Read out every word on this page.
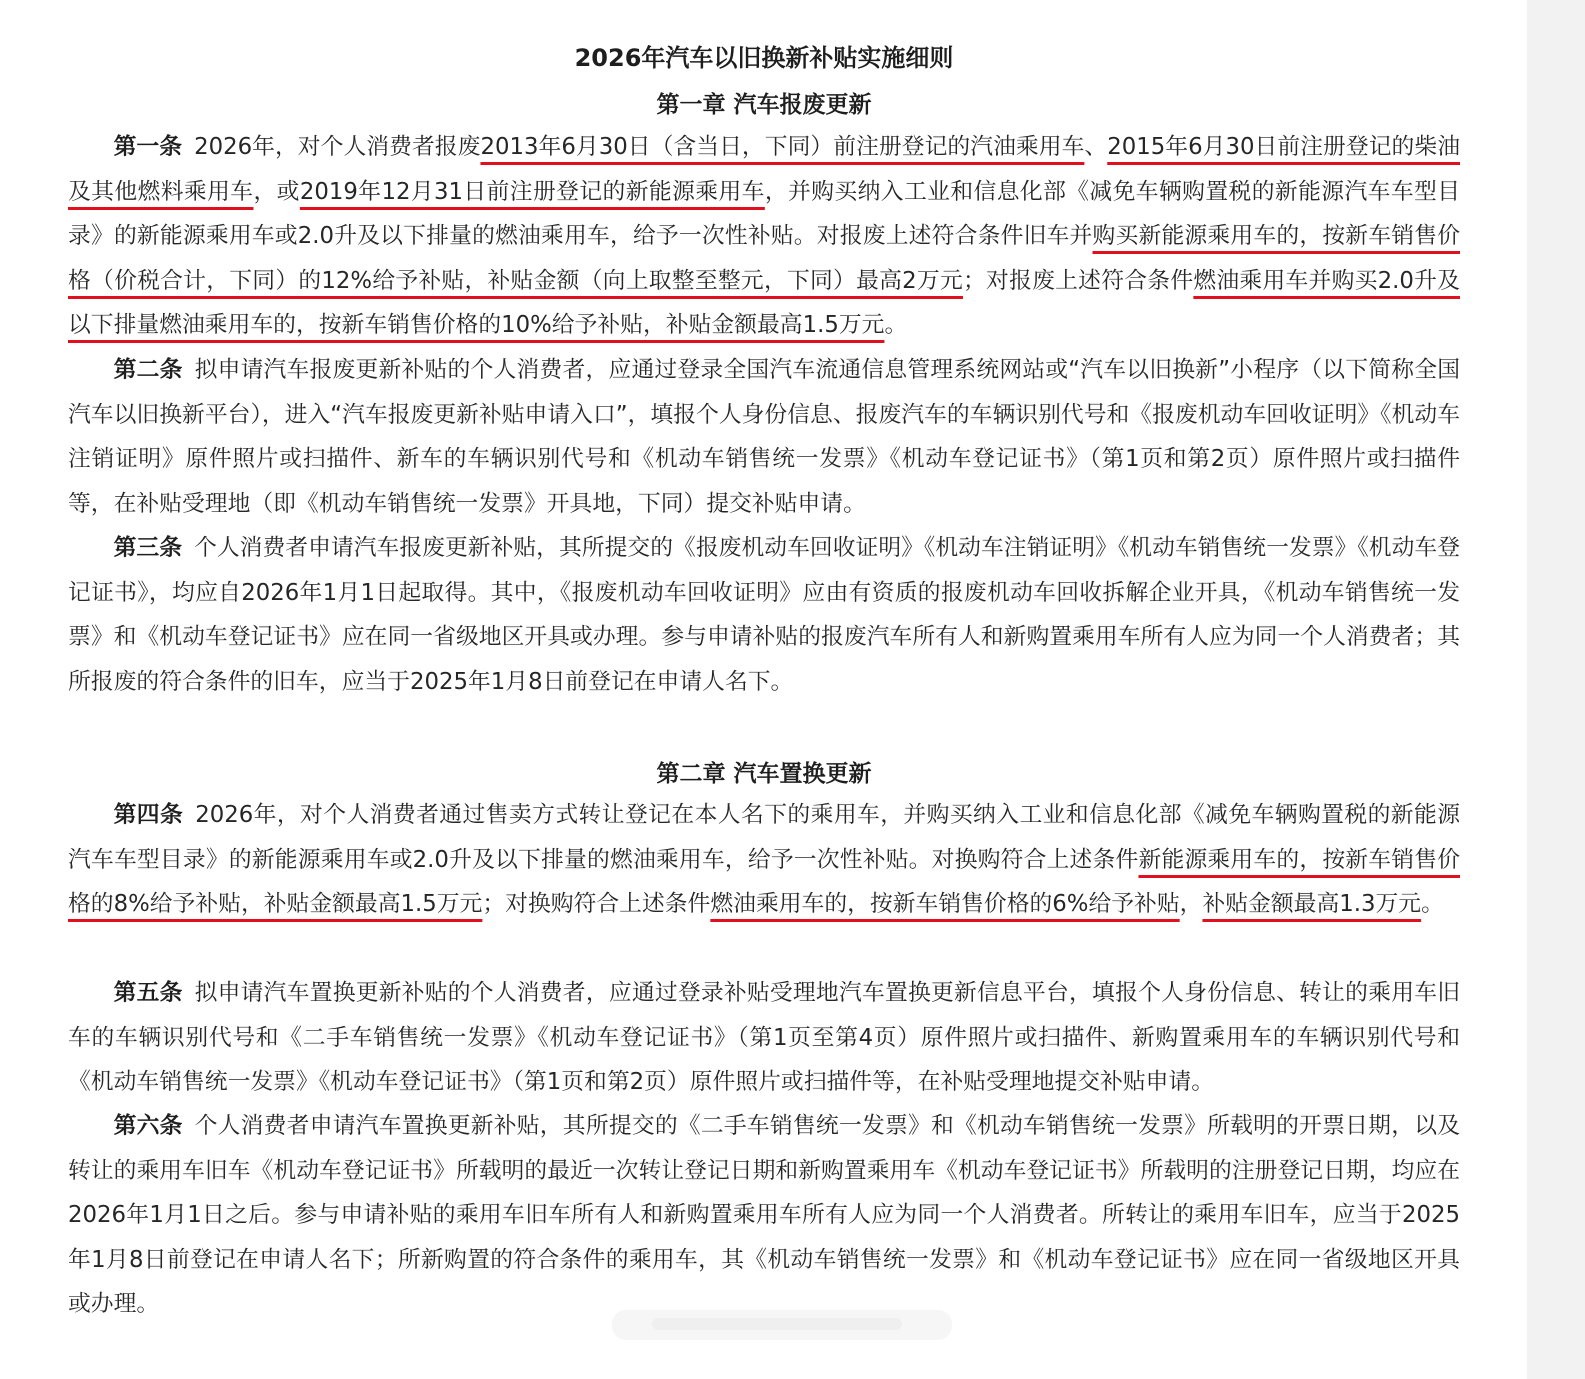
2026年汽车以旧换新补贴实施细则
第一章 汽车报废更新

第一条 2026年，对个人消费者报废2013年6月30日（含当日，下同）前注册登记的汽油乘用车、2015年6月30日前注册登记的柴油及其他燃料乘用车，或2019年12月31日前注册登记的新能源乘用车，并购买纳入工业和信息化部《减免车辆购置税的新能源汽车车型目录》的新能源乘用车或2.0升及以下排量的燃油乘用车，给予一次性补贴。对报废上述符合条件旧车并购买新能源乘用车的，按新车销售价格（价税合计，下同）的12%给予补贴，补贴金额（向上取整至整元，下同）最高2万元；对报废上述符合条件燃油乘用车并购买2.0升及以下排量燃油乘用车的，按新车销售价格的10%给予补贴，补贴金额最高1.5万元。

第二条 拟申请汽车报废更新补贴的个人消费者，应通过登录全国汽车流通信息管理系统网站或“汽车以旧换新”小程序（以下简称全国汽车以旧换新平台），进入“汽车报废更新补贴申请入口”，填报个人身份信息、报废汽车的车辆识别代号和《报废机动车回收证明》《机动车注销证明》原件照片或扫描件、新车的车辆识别代号和《机动车销售统一发票》《机动车登记证书》（第1页和第2页）原件照片或扫描件等，在补贴受理地（即《机动车销售统一发票》开具地，下同）提交补贴申请。

第三条 个人消费者申请汽车报废更新补贴，其所提交的《报废机动车回收证明》《机动车注销证明》《机动车销售统一发票》《机动车登记证书》，均应自2026年1月1日起取得。其中，《报废机动车回收证明》应由有资质的报废机动车回收拆解企业开具，《机动车销售统一发票》和《机动车登记证书》应在同一省级地区开具或办理。参与申请补贴的报废汽车所有人和新购置乘用车所有人应为同一个人消费者；其所报废的符合条件的旧车，应当于2025年1月8日前登记在申请人名下。

第二章 汽车置换更新

第四条 2026年，对个人消费者通过售卖方式转让登记在本人名下的乘用车，并购买纳入工业和信息化部《减免车辆购置税的新能源汽车车型目录》的新能源乘用车或2.0升及以下排量的燃油乘用车，给予一次性补贴。对换购符合上述条件新能源乘用车的，按新车销售价格的8%给予补贴，补贴金额最高1.5万元；对换购符合上述条件燃油乘用车的，按新车销售价格的6%给予补贴，补贴金额最高1.3万元。

第五条 拟申请汽车置换更新补贴的个人消费者，应通过登录补贴受理地汽车置换更新信息平台，填报个人身份信息、转让的乘用车旧车的车辆识别代号和《二手车销售统一发票》《机动车登记证书》（第1页至第4页）原件照片或扫描件、新购置乘用车的车辆识别代号和《机动车销售统一发票》《机动车登记证书》（第1页和第2页）原件照片或扫描件等，在补贴受理地提交补贴申请。

第六条 个人消费者申请汽车置换更新补贴，其所提交的《二手车销售统一发票》和《机动车销售统一发票》所载明的开票日期，以及转让的乘用车旧车《机动车登记证书》所载明的最近一次转让登记日期和新购置乘用车《机动车登记证书》所载明的注册登记日期，均应在2026年1月1日之后。参与申请补贴的乘用车旧车所有人和新购置乘用车所有人应为同一个人消费者。所转让的乘用车旧车，应当于2025年1月8日前登记在申请人名下；所新购置的符合条件的乘用车，其《机动车销售统一发票》和《机动车登记证书》应在同一省级地区开具或办理。
